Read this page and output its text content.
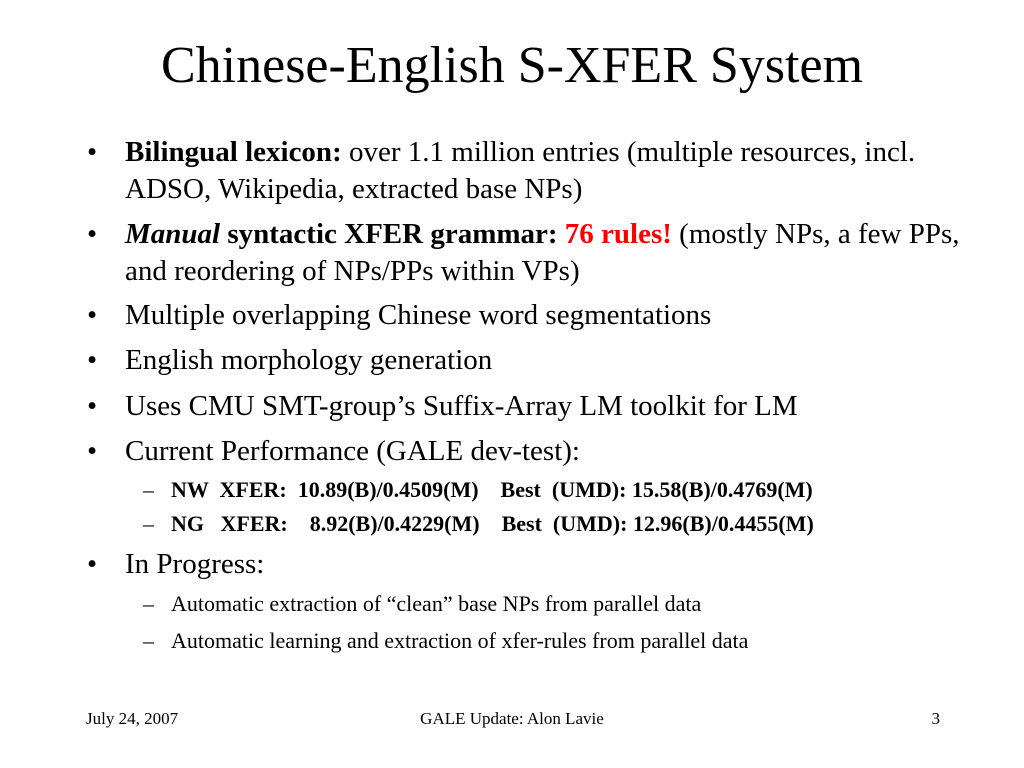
Chinese-English S-XFER System
• Bilingual lexicon: over 1.1 million entries (multiple resources, incl. ADSO, Wikipedia, extracted base NPs)
• Manual syntactic XFER grammar: 76 rules! (mostly NPs, a few PPs, and reordering of NPs/PPs within VPs)
• Multiple overlapping Chinese word segmentations
• English morphology generation
• Uses CMU SMT-group’s Suffix-Array LM toolkit for LM
• Current Performance (GALE dev-test):
– NW  XFER:  10.89(B)/0.4509(M)    Best  (UMD): 15.58(B)/0.4769(M)
– NG   XFER:    8.92(B)/0.4229(M)    Best  (UMD): 12.96(B)/0.4455(M)
• In Progress:
– Automatic extraction of “clean” base NPs from parallel data
– Automatic learning and extraction of xfer-rules from parallel data
July 24, 2007	GALE Update: Alon Lavie	3
